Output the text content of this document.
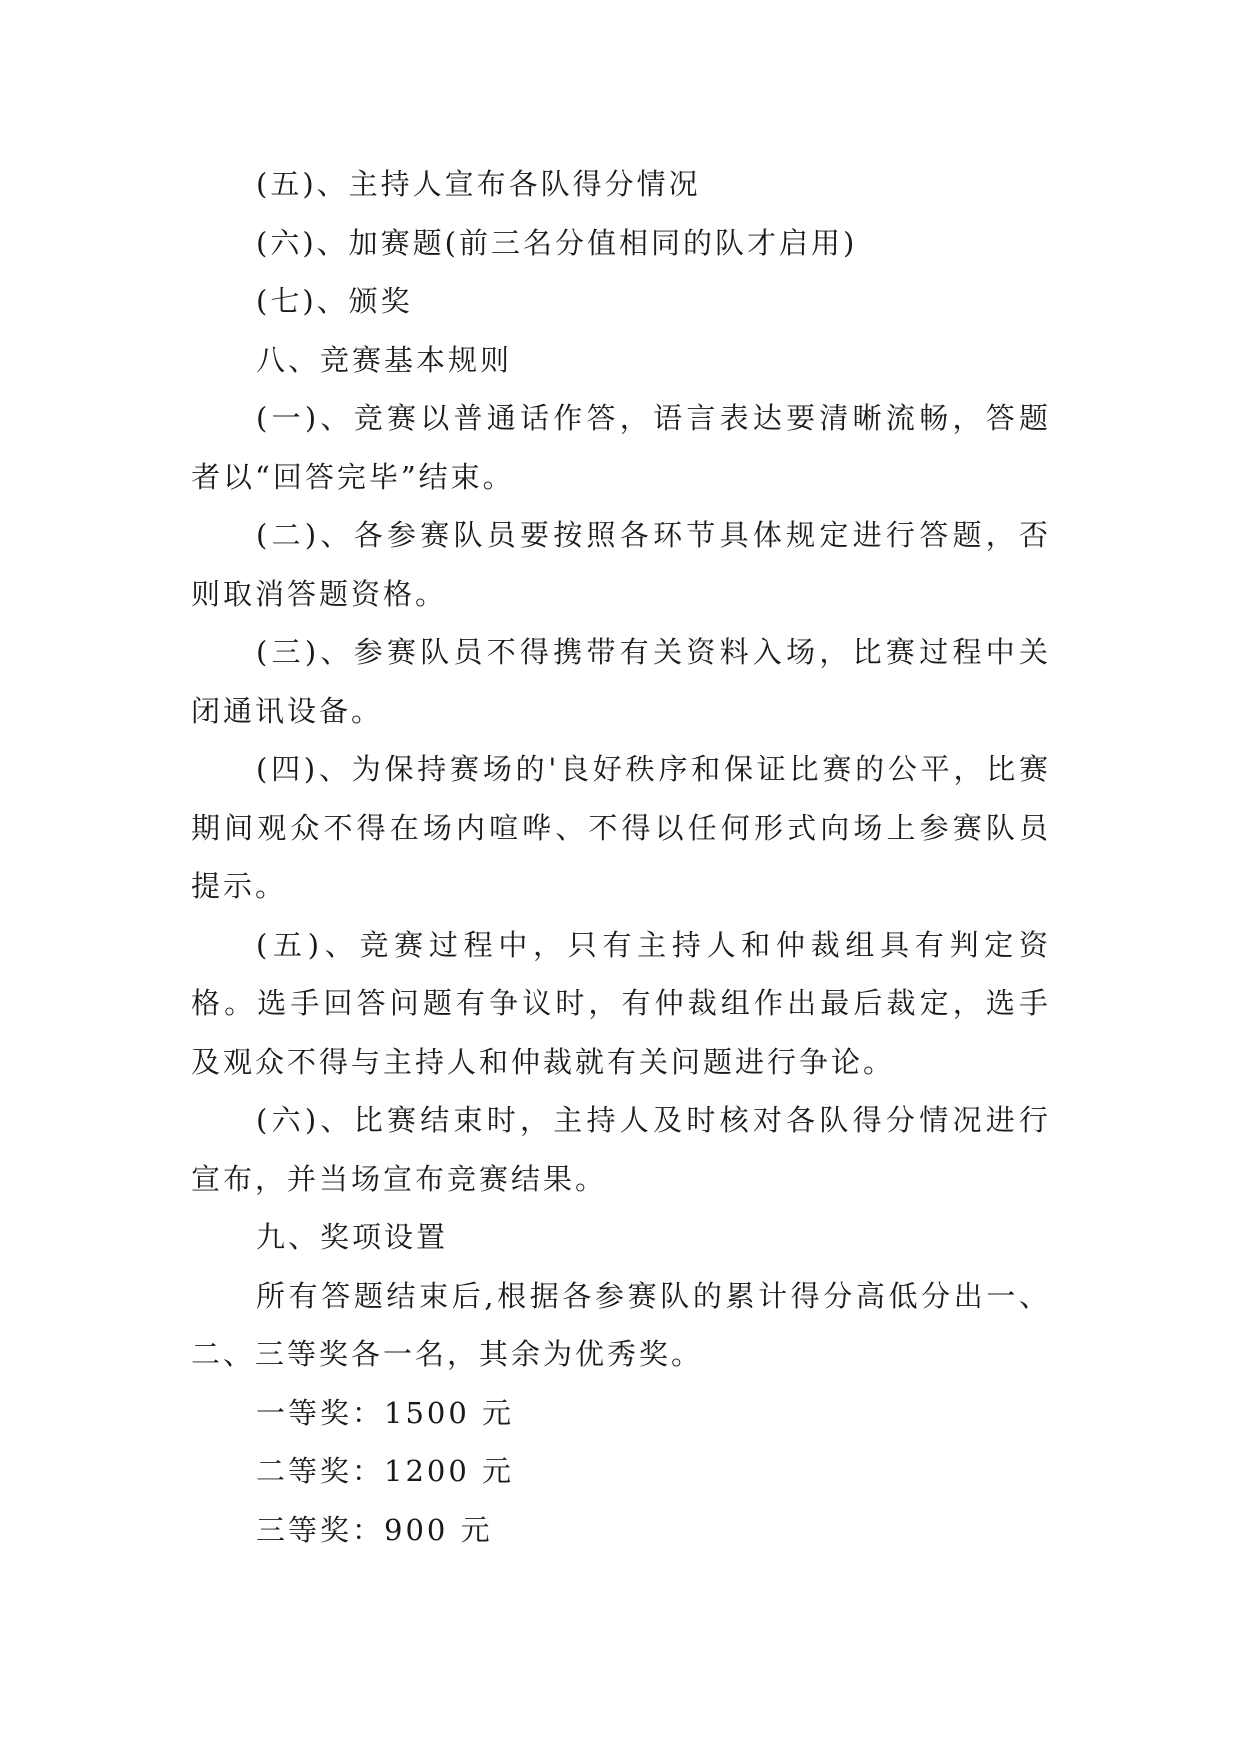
(五)、主持人宣布各队得分情况

(六)、加赛题(前三名分值相同的队才启用)

(七)、颁奖

八、竞赛基本规则

(一)、竞赛以普通话作答，语言表达要清晰流畅，答题者以“回答完毕”结束。

(二)、各参赛队员要按照各环节具体规定进行答题，否则取消答题资格。

(三)、参赛队员不得携带有关资料入场，比赛过程中关闭通讯设备。

(四)、为保持赛场的'良好秩序和保证比赛的公平，比赛期间观众不得在场内喧哗、不得以任何形式向场上参赛队员提示。

(五)、竞赛过程中，只有主持人和仲裁组具有判定资格。选手回答问题有争议时，有仲裁组作出最后裁定，选手及观众不得与主持人和仲裁就有关问题进行争论。

(六)、比赛结束时，主持人及时核对各队得分情况进行宣布，并当场宣布竞赛结果。

九、奖项设置

所有答题结束后,根据各参赛队的累计得分高低分出一、二、三等奖各一名，其余为优秀奖。

一等奖：1500 元

二等奖：1200 元

三等奖：900 元
